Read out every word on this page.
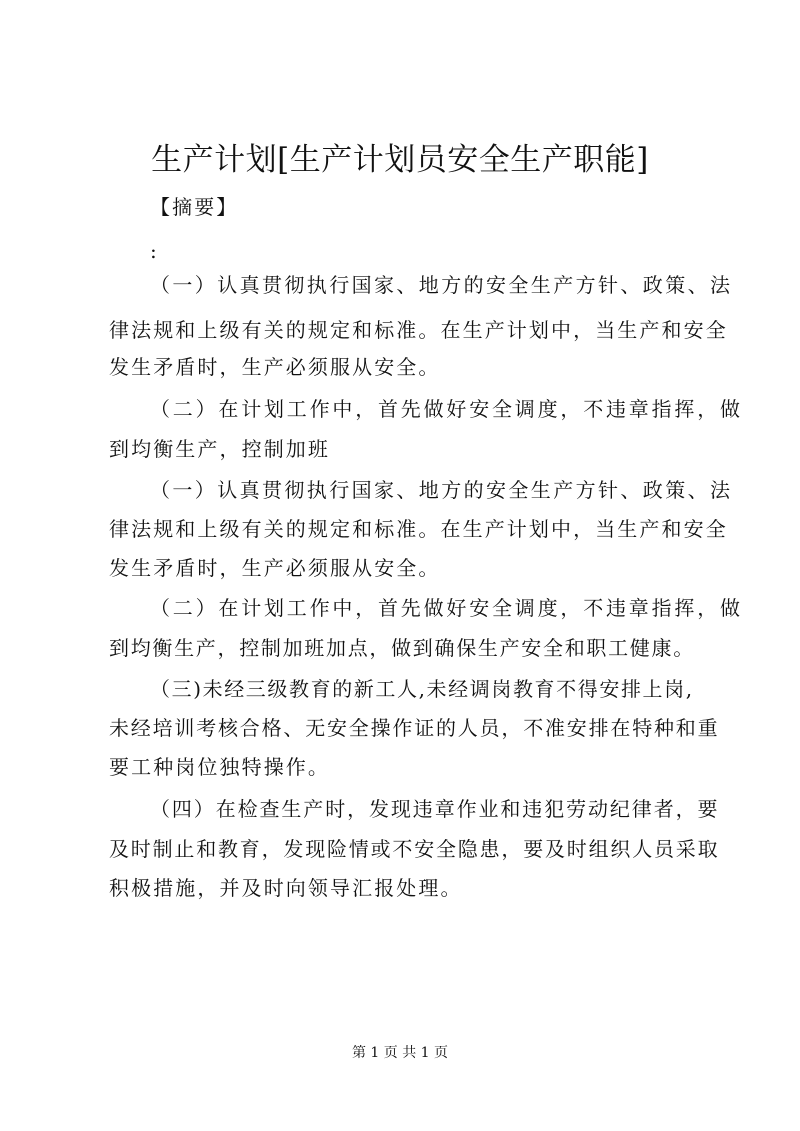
生产计划[生产计划员安全生产职能]
【摘要】
:
（一）认真贯彻执行国家、地方的安全生产方针、政策、法
律法规和上级有关的规定和标准。在生产计划中，当生产和安全
发生矛盾时，生产必须服从安全。
（二）在计划工作中，首先做好安全调度，不违章指挥，做
到均衡生产，控制加班
（一）认真贯彻执行国家、地方的安全生产方针、政策、法
律法规和上级有关的规定和标准。在生产计划中，当生产和安全
发生矛盾时，生产必须服从安全。
（二）在计划工作中，首先做好安全调度，不违章指挥，做
到均衡生产，控制加班加点，做到确保生产安全和职工健康。
（三)未经三级教育的新工人,未经调岗教育不得安排上岗,
未经培训考核合格、无安全操作证的人员，不准安排在特种和重
要工种岗位独特操作。
（四）在检查生产时，发现违章作业和违犯劳动纪律者，要
及时制止和教育，发现险情或不安全隐患，要及时组织人员采取
积极措施，并及时向领导汇报处理。
第 1 页 共 1 页
